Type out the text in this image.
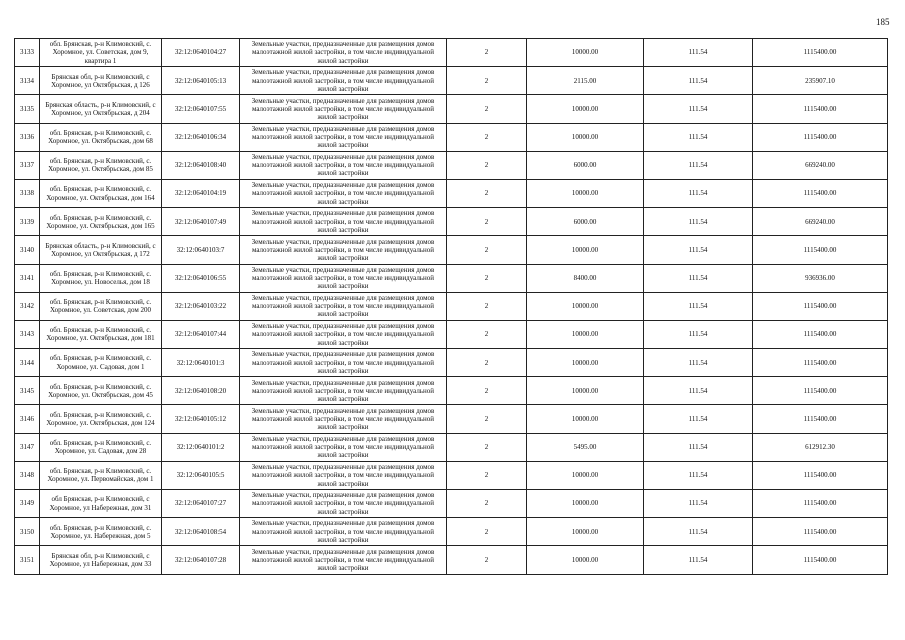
185
3133	обл. Брянская, р-н Климовский, с. Хоромное, ул. Советская, дом 9, квартира 1	32:12:0640104:27	Земельные участки, предназначенные для размещения домов малоэтажной жилой застройки, в том числе индивидуальной жилой застройки	2	10000.00	111.54	1115400.00
3134	Брянская обл, р-н Климовский, с Хоромное, ул Октябрьская, д 126	32:12:0640105:13	Земельные участки, предназначенные для размещения домов малоэтажной жилой застройки, в том числе индивидуальной жилой застройки	2	2115.00	111.54	235907.10
3135	Брянская область, р-н Климовский, с Хоромное, ул Октябрьская, д 204	32:12:0640107:55	Земельные участки, предназначенные для размещения домов малоэтажной жилой застройки, в том числе индивидуальной жилой застройки	2	10000.00	111.54	1115400.00
3136	обл. Брянская, р-н Климовский, с. Хоромное, ул. Октябрьская, дом 68	32:12:0640106:34	Земельные участки, предназначенные для размещения домов малоэтажной жилой застройки, в том числе индивидуальной жилой застройки	2	10000.00	111.54	1115400.00
3137	обл. Брянская, р-н Климовский, с. Хоромное, ул. Октябрьская, дом 85	32:12:0640108:40	Земельные участки, предназначенные для размещения домов малоэтажной жилой застройки, в том числе индивидуальной жилой застройки	2	6000.00	111.54	669240.00
3138	обл. Брянская, р-н Климовский, с. Хоромное, ул. Октябрьская, дом 164	32:12:0640104:19	Земельные участки, предназначенные для размещения домов малоэтажной жилой застройки, в том числе индивидуальной жилой застройки	2	10000.00	111.54	1115400.00
3139	обл. Брянская, р-н Климовский, с. Хоромное, ул. Октябрьская, дом 165	32:12:0640107:49	Земельные участки, предназначенные для размещения домов малоэтажной жилой застройки, в том числе индивидуальной жилой застройки	2	6000.00	111.54	669240.00
3140	Брянская область, р-н Климовский, с Хоромное, ул Октябрьская, д 172	32:12:0640103:7	Земельные участки, предназначенные для размещения домов малоэтажной жилой застройки, в том числе индивидуальной жилой застройки	2	10000.00	111.54	1115400.00
3141	обл. Брянская, р-н Климовский, с. Хоромное, ул. Новоселья, дом 18	32:12:0640106:55	Земельные участки, предназначенные для размещения домов малоэтажной жилой застройки, в том числе индивидуальной жилой застройки	2	8400.00	111.54	936936.00
3142	обл. Брянская, р-н Климовский, с. Хоромное, ул. Советская, дом 200	32:12:0640103:22	Земельные участки, предназначенные для размещения домов малоэтажной жилой застройки, в том числе индивидуальной жилой застройки	2	10000.00	111.54	1115400.00
3143	обл. Брянская, р-н Климовский, с. Хоромное, ул. Октябрьская, дом 181	32:12:0640107:44	Земельные участки, предназначенные для размещения домов малоэтажной жилой застройки, в том числе индивидуальной жилой застройки	2	10000.00	111.54	1115400.00
3144	обл. Брянская, р-н Климовский, с. Хоромное, ул. Садовая, дом 1	32:12:0640101:3	Земельные участки, предназначенные для размещения домов малоэтажной жилой застройки, в том числе индивидуальной жилой застройки	2	10000.00	111.54	1115400.00
3145	обл. Брянская, р-н Климовский, с. Хоромное, ул. Октябрьская, дом 45	32:12:0640108:20	Земельные участки, предназначенные для размещения домов малоэтажной жилой застройки, в том числе индивидуальной жилой застройки	2	10000.00	111.54	1115400.00
3146	обл. Брянская, р-н Климовский, с. Хоромное, ул. Октябрьская, дом 124	32:12:0640105:12	Земельные участки, предназначенные для размещения домов малоэтажной жилой застройки, в том числе индивидуальной жилой застройки	2	10000.00	111.54	1115400.00
3147	обл. Брянская, р-н Климовский, с. Хоромное, ул. Садовая, дом 28	32:12:0640101:2	Земельные участки, предназначенные для размещения домов малоэтажной жилой застройки, в том числе индивидуальной жилой застройки	2	5495.00	111.54	612912.30
3148	обл. Брянская, р-н Климовский, с. Хоромное, ул. Первомайская, дом 1	32:12:0640105:5	Земельные участки, предназначенные для размещения домов малоэтажной жилой застройки, в том числе индивидуальной жилой застройки	2	10000.00	111.54	1115400.00
3149	обл Брянская, р-н Климовский, с Хоромное, ул Набережная, дом 31	32:12:0640107:27	Земельные участки, предназначенные для размещения домов малоэтажной жилой застройки, в том числе индивидуальной жилой застройки	2	10000.00	111.54	1115400.00
3150	обл. Брянская, р-н Климовский, с. Хоромное, ул. Набережная, дом 5	32:12:0640108:54	Земельные участки, предназначенные для размещения домов малоэтажной жилой застройки, в том числе индивидуальной жилой застройки	2	10000.00	111.54	1115400.00
3151	Брянская обл, р-н Климовский, с Хоромное, ул Набережная, дом 33	32:12:0640107:28	Земельные участки, предназначенные для размещения домов малоэтажной жилой застройки, в том числе индивидуальной жилой застройки	2	10000.00	111.54	1115400.00
